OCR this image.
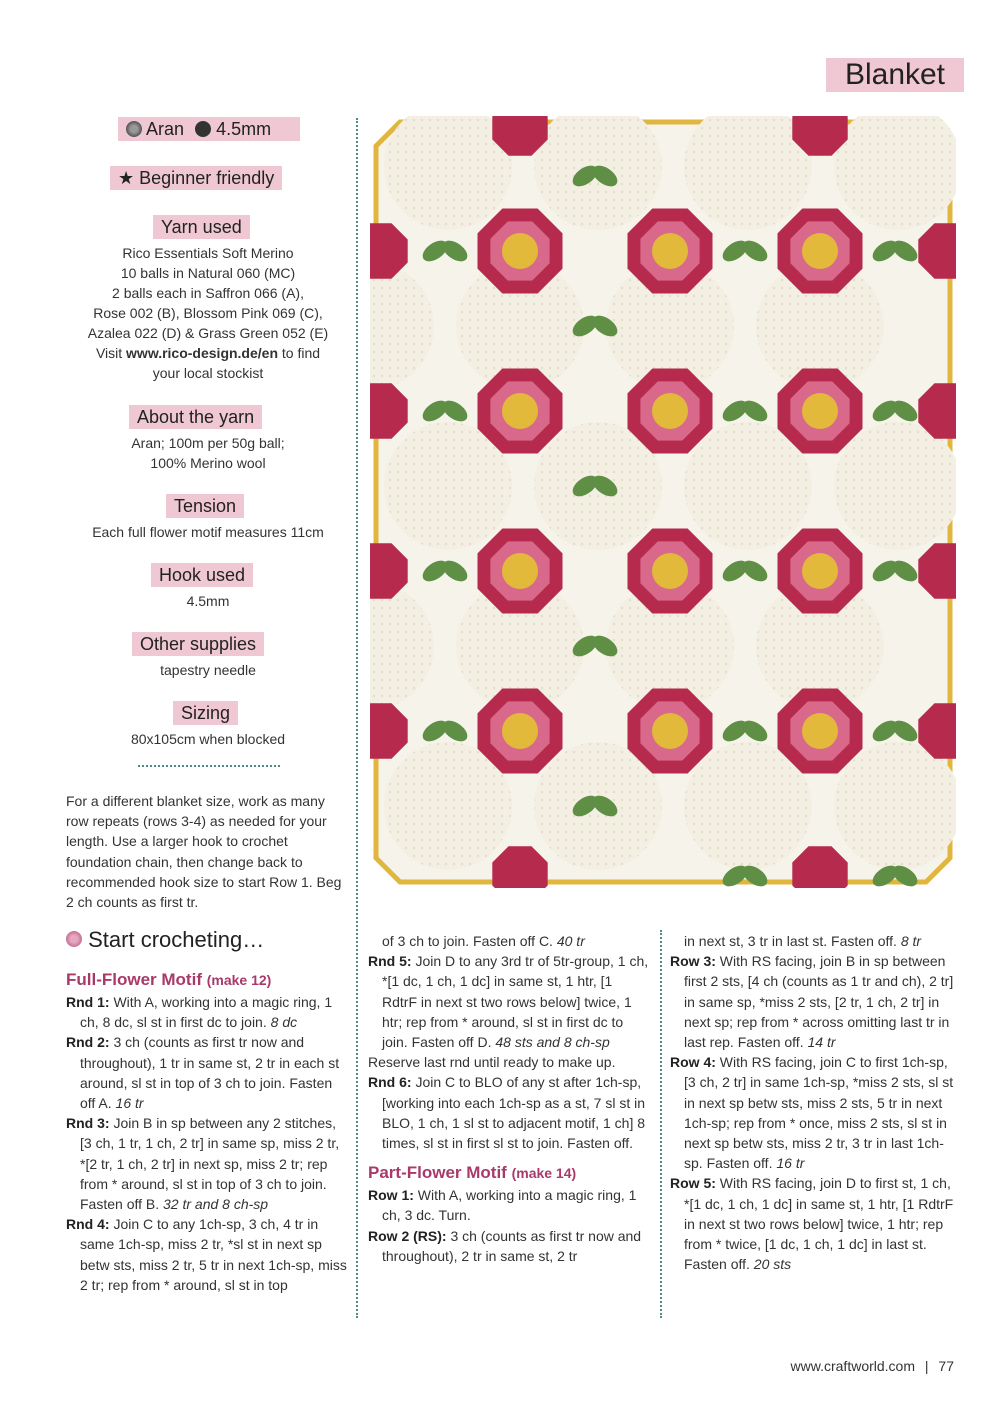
Blanket
Aran 4.5mm
★ Beginner friendly
Yarn used
Rico Essentials Soft Merino
10 balls in Natural 060 (MC)
2 balls each in Saffron 066 (A),
Rose 002 (B), Blossom Pink 069 (C),
Azalea 022 (D) & Grass Green 052 (E)
Visit www.rico-design.de/en to find
your local stockist
About the yarn
Aran; 100m per 50g ball;
100% Merino wool
Tension
Each full flower motif measures 11cm
Hook used
4.5mm
Other supplies
tapestry needle
Sizing
80x105cm when blocked
For a different blanket size, work as many row repeats (rows 3-4) as needed for your length. Use a larger hook to crochet foundation chain, then change back to recommended hook size to start Row 1. Beg 2 ch counts as first tr.
Start crocheting…
Full-Flower Motif (make 12)

Rnd 1: With A, working into a magic ring, 1 ch, 8 dc, sl st in first dc to join. 8 dc

Rnd 2: 3 ch (counts as first tr now and throughout), 1 tr in same st, 2 tr in each st around, sl st in top of 3 ch to join. Fasten off A. 16 tr

Rnd 3: Join B in sp between any 2 stitches, [3 ch, 1 tr, 1 ch, 2 tr] in same sp, miss 2 tr, *[2 tr, 1 ch, 2 tr] in next sp, miss 2 tr; rep from * around, sl st in top of 3 ch to join. Fasten off B. 32 tr and 8 ch-sp

Rnd 4: Join C to any 1ch-sp, 3 ch, 4 tr in same 1ch-sp, miss 2 tr, *sl st in next sp betw sts, miss 2 tr, 5 tr in next 1ch-sp, miss 2 tr; rep from * around, sl st in top

of 3 ch to join. Fasten off C. 40 tr

Rnd 5: Join D to any 3rd tr of 5tr-group, 1 ch, *[1 dc, 1 ch, 1 dc] in same st, 1 htr, [1 RdtrF in next st two rows below] twice, 1 htr; rep from * around, sl st in first dc to join. Fasten off D. 48 sts and 8 ch-sp

Reserve last rnd until ready to make up.

Rnd 6: Join C to BLO of any st after 1ch-sp, [working into each 1ch-sp as a st, 7 sl st in BLO, 1 ch, 1 sl st to adjacent motif, 1 ch] 8 times, sl st in first sl st to join. Fasten off.

Part-Flower Motif (make 14)

Row 1: With A, working into a magic ring, 1 ch, 3 dc. Turn.

Row 2 (RS): 3 ch (counts as first tr now and throughout), 2 tr in same st, 2 tr

in next st, 3 tr in last st. Fasten off. 8 tr

Row 3: With RS facing, join B in sp between first 2 sts, [4 ch (counts as 1 tr and ch), 2 tr] in same sp, *miss 2 sts, [2 tr, 1 ch, 2 tr] in next sp; rep from * across omitting last tr in last rep. Fasten off. 14 tr

Row 4: With RS facing, join C to first 1ch-sp, [3 ch, 2 tr] in same 1ch-sp, *miss 2 sts, sl st in next sp betw sts, miss 2 sts, 5 tr in next 1ch-sp; rep from * once, miss 2 sts, sl st in next sp betw sts, miss 2 tr, 3 tr in last 1ch-sp. Fasten off. 16 tr

Row 5: With RS facing, join D to first st, 1 ch, *[1 dc, 1 ch, 1 dc] in same st, 1 htr, [1 RdtrF in next st two rows below] twice, 1 htr; rep from * twice, [1 dc, 1 ch, 1 dc] in last st. Fasten off. 20 sts

www.craftworld.com | 77
